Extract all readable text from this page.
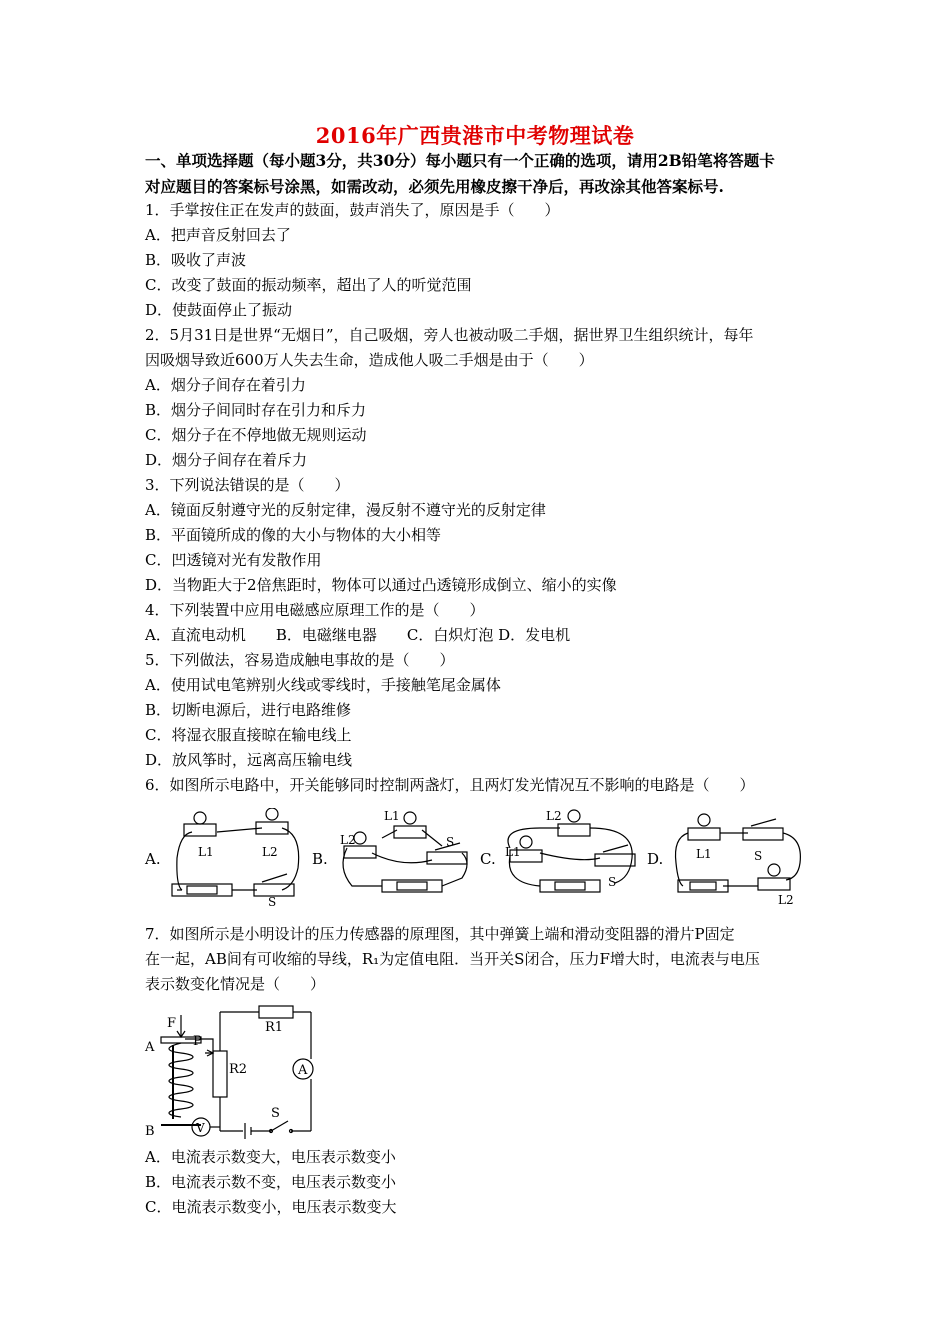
2016年广西贵港市中考物理试卷
一、单项选择题（每小题3分，共30分）每小题只有一个正确的选项，请用2B铅笔将答题卡
对应题目的答案标号涂黑，如需改动，必须先用橡皮擦干净后，再改涂其他答案标号.
1．手掌按住正在发声的鼓面，鼓声消失了，原因是手（　　）
A．把声音反射回去了
B．吸收了声波
C．改变了鼓面的振动频率，超出了人的听觉范围
D．使鼓面停止了振动
2．5月31日是世界“无烟日”，自己吸烟，旁人也被动吸二手烟，据世界卫生组织统计，每年
因吸烟导致近600万人失去生命，造成他人吸二手烟是由于（　　）
A．烟分子间存在着引力
B．烟分子间同时存在引力和斥力
C．烟分子在不停地做无规则运动
D．烟分子间存在着斥力
3．下列说法错误的是（　　）
A．镜面反射遵守光的反射定律，漫反射不遵守光的反射定律
B．平面镜所成的像的大小与物体的大小相等
C．凹透镜对光有发散作用
D．当物距大于2倍焦距时，物体可以通过凸透镜形成倒立、缩小的实像
4．下列装置中应用电磁感应原理工作的是（　　）
A．直流电动机　　B．电磁继电器　　C．白炽灯泡 D．发电机
5．下列做法，容易造成触电事故的是（　　）
A．使用试电笔辨别火线或零线时，手接触笔尾金属体
B．切断电源后，进行电路维修
C．将湿衣服直接晾在输电线上
D．放风筝时，远离高压输电线
6．如图所示电路中，开关能够同时控制两盏灯，且两灯发光情况互不影响的电路是（　　）
A.	B.	C.	D.
L1	L2
S
L1
L2	S
L2
L1
S
L1	S
L2
7．如图所示是小明设计的压力传感器的原理图，其中弹簧上端和滑动变阻器的滑片P固定
在一起，AB间有可收缩的导线，R₁为定值电阻．当开关S闭合，压力F增大时，电流表与电压
表示数变化情况是（　　）
F
A	P
R1
R2	A
V
B
S
A．电流表示数变大，电压表示数变小
B．电流表示数不变，电压表示数变小
C．电流表示数变小，电压表示数变大
